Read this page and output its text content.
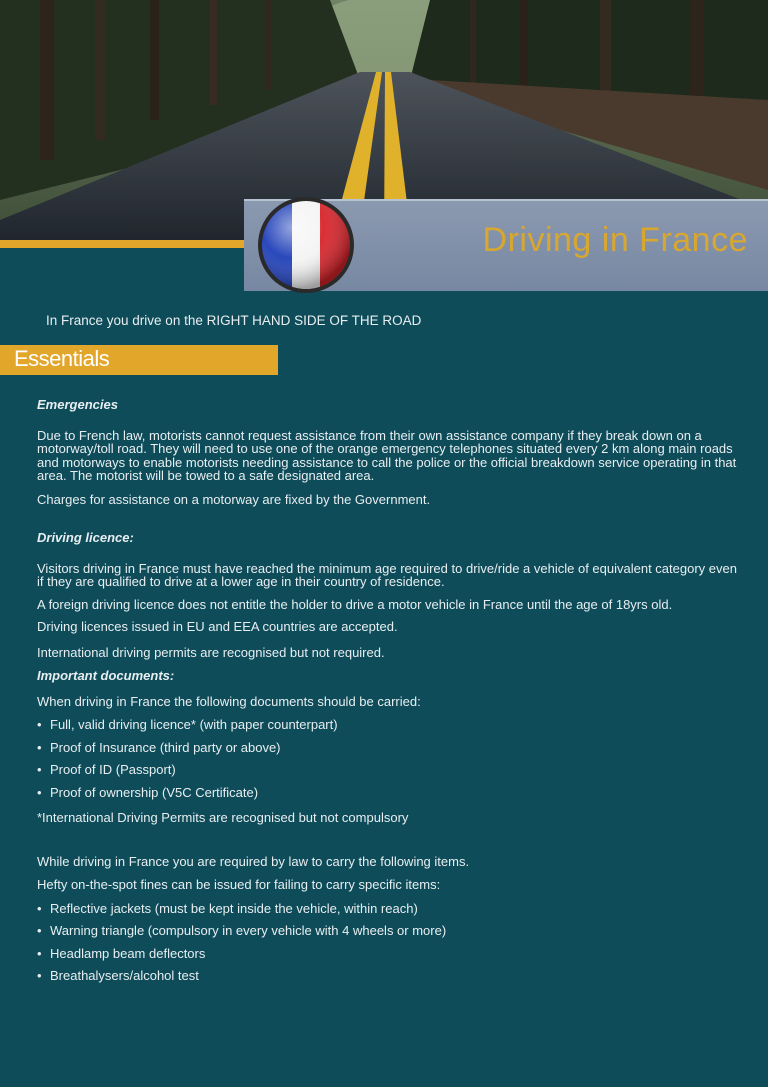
Driving in France
In France you drive on the RIGHT HAND SIDE OF THE ROAD
Essentials
Emergencies
Due to French law, motorists cannot request assistance from their own assistance company if they break down on a motorway/toll road. They will need to use one of the orange emergency telephones situated every 2 km along main roads and motorways to enable motorists needing assistance to call the police or the official breakdown service operating in that area. The motorist will be towed to a safe designated area.
Charges for assistance on a motorway are fixed by the Government.
Driving licence:
Visitors driving in France must have reached the minimum age required to drive/ride a vehicle of equivalent category even if they are qualified to drive at a lower age in their country of residence.
A foreign driving licence does not entitle the holder to drive a motor vehicle in France until the age of 18yrs old.
Driving licences issued in EU and EEA countries are accepted.
International driving permits are recognised but not required.
Important documents:
When driving in France the following documents should be carried:
• Full, valid driving licence* (with paper counterpart)
• Proof of Insurance (third party or above)
• Proof of ID (Passport)
• Proof of ownership (V5C Certificate)
*International Driving Permits are recognised but not compulsory
While driving in France you are required by law to carry the following items.
Hefty on-the-spot fines can be issued for failing to carry specific items:
• Reflective jackets (must be kept inside the vehicle, within reach)
• Warning triangle (compulsory in every vehicle with 4 wheels or more)
• Headlamp beam deflectors
• Breathalysers/alcohol test
